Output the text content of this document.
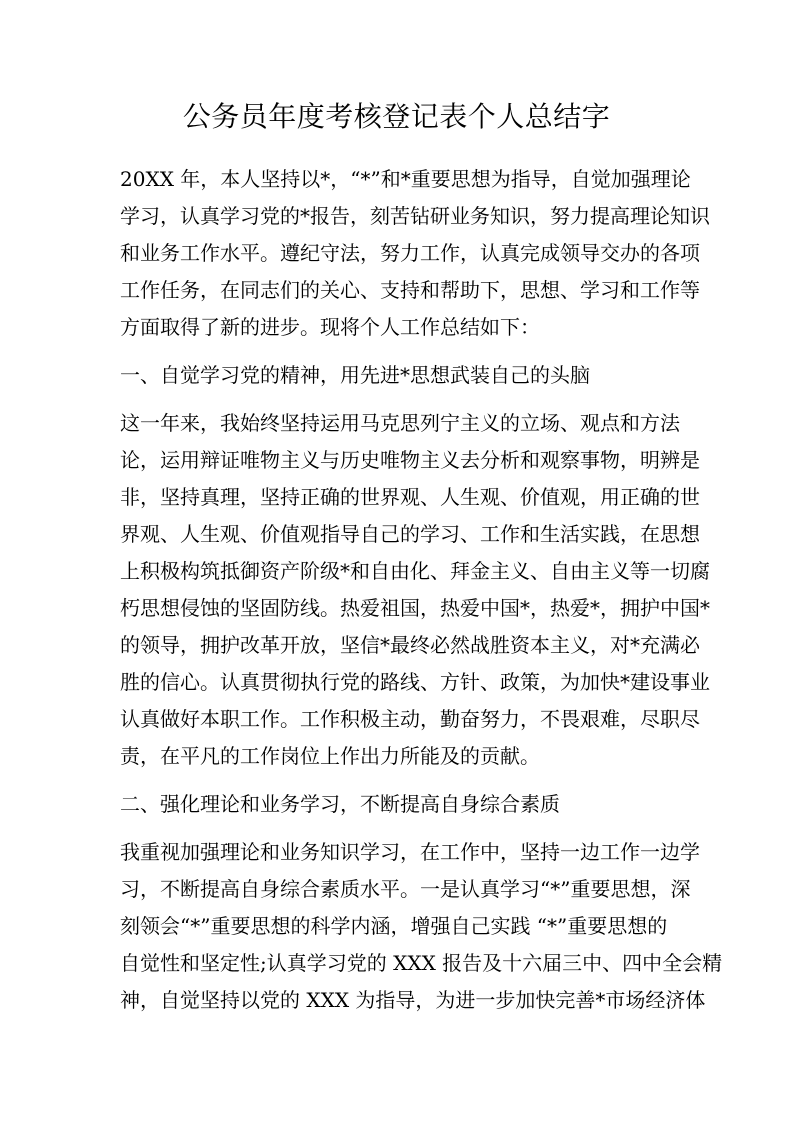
公务员年度考核登记表个人总结字
20XX 年，本人坚持以*，“*”和*重要思想为指导，自觉加强理论
学习，认真学习党的*报告，刻苦钻研业务知识，努力提高理论知识
和业务工作水平。遵纪守法，努力工作，认真完成领导交办的各项
工作任务，在同志们的关心、支持和帮助下，思想、学习和工作等
方面取得了新的进步。现将个人工作总结如下：
一、自觉学习党的精神，用先进*思想武装自己的头脑
这一年来，我始终坚持运用马克思列宁主义的立场、观点和方法
论，运用辩证唯物主义与历史唯物主义去分析和观察事物，明辨是
非，坚持真理，坚持正确的世界观、人生观、价值观，用正确的世
界观、人生观、价值观指导自己的学习、工作和生活实践，在思想
上积极构筑抵御资产阶级*和自由化、拜金主义、自由主义等一切腐
朽思想侵蚀的坚固防线。热爱祖国，热爱中国*，热爱*，拥护中国*
的领导，拥护改革开放，坚信*最终必然战胜资本主义，对*充满必
胜的信心。认真贯彻执行党的路线、方针、政策，为加快*建设事业
认真做好本职工作。工作积极主动，勤奋努力，不畏艰难，尽职尽
责，在平凡的工作岗位上作出力所能及的贡献。
二、强化理论和业务学习，不断提高自身综合素质
我重视加强理论和业务知识学习，在工作中，坚持一边工作一边学
习，不断提高自身综合素质水平。一是认真学习“*”重要思想，深
刻领会“*”重要思想的科学内涵，增强自己实践 “*”重要思想的
自觉性和坚定性;认真学习党的 XXX 报告及十六届三中、四中全会精
神，自觉坚持以党的 XXX 为指导，为进一步加快完善*市场经济体
